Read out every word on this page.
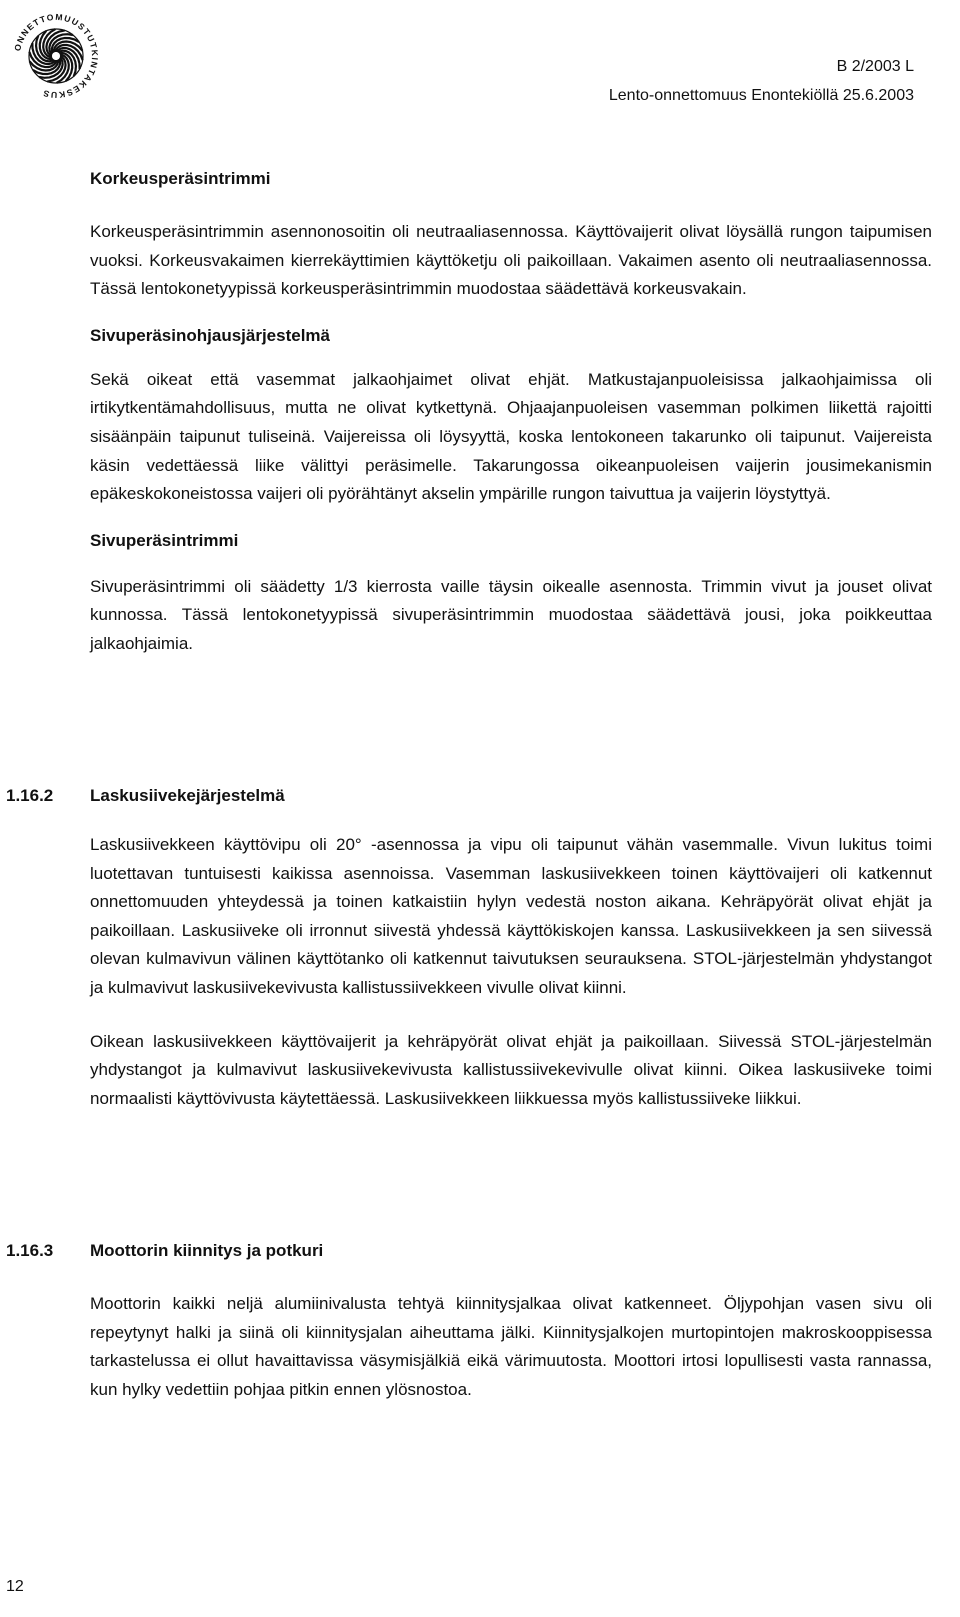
ONNETTOMUUSTUTKINTAKESKUS
B 2/2003 L
Lento-onnettomuus Enontekiöllä 25.6.2003
Korkeusperäsintrimmi

Korkeusperäsintrimmin asennonosoitin oli neutraaliasennossa. Käyttövaijerit olivat löysällä rungon taipumisen vuoksi. Korkeusvakaimen kierrekäyttimien käyttöketju oli paikoillaan. Vakaimen asento oli neutraaliasennossa. Tässä lentokonetyypissä korkeusperäsintrimmin muodostaa säädettävä korkeusvakain.

Sivuperäsinohjausjärjestelmä

Sekä oikeat että vasemmat jalkaohjaimet olivat ehjät. Matkustajanpuoleisissa jalkaohjaimissa oli irtikytkentämahdollisuus, mutta ne olivat kytkettynä. Ohjaajanpuoleisen vasemman polkimen liikettä rajoitti sisäänpäin taipunut tuliseinä. Vaijereissa oli löysyyttä, koska lentokoneen takarunko oli taipunut. Vaijereista käsin vedettäessä liike välittyi peräsimelle. Takarungossa oikeanpuoleisen vaijerin jousimekanismin epäkeskokoneistossa vaijeri oli pyörähtänyt akselin ympärille rungon taivuttua ja vaijerin löystyttyä.

Sivuperäsintrimmi

Sivuperäsintrimmi oli säädetty 1/3 kierrosta vaille täysin oikealle asennosta. Trimmin vivut ja jouset olivat kunnossa. Tässä lentokonetyypissä sivuperäsintrimmin muodostaa säädettävä jousi, joka poikkeuttaa jalkaohjaimia.

1.16.2 Laskusiivekejärjestelmä

Laskusiivekkeen käyttövipu oli 20° -asennossa ja vipu oli taipunut vähän vasemmalle. Vivun lukitus toimi luotettavan tuntuisesti kaikissa asennoissa. Vasemman laskusiivekkeen toinen käyttövaijeri oli katkennut onnettomuuden yhteydessä ja toinen katkaistiin hylyn vedestä noston aikana. Kehräpyörät olivat ehjät ja paikoillaan. Laskusiiveke oli irronnut siivestä yhdessä käyttökiskojen kanssa. Laskusiivekkeen ja sen siivessä olevan kulmavivun välinen käyttötanko oli katkennut taivutuksen seurauksena. STOL-järjestelmän yhdystangot ja kulmavivut laskusiivekevivusta kallistussiivekkeen vivulle olivat kiinni.

Oikean laskusiivekkeen käyttövaijerit ja kehräpyörät olivat ehjät ja paikoillaan. Siivessä STOL-järjestelmän yhdystangot ja kulmavivut laskusiivekevivusta kallistussiivekevivulle olivat kiinni. Oikea laskusiiveke toimi normaalisti käyttövivusta käytettäessä. Laskusiivekkeen liikkuessa myös kallistussiiveke liikkui.

1.16.3 Moottorin kiinnitys ja potkuri

Moottorin kaikki neljä alumiinivalusta tehtyä kiinnitysjalkaa olivat katkenneet. Öljypohjan vasen sivu oli repeytynyt halki ja siinä oli kiinnitysjalan aiheuttama jälki. Kiinnitysjalkojen murtopintojen makroskooppisessa tarkastelussa ei ollut havaittavissa väsymisjälkiä eikä värimuutosta. Moottori irtosi lopullisesti vasta rannassa, kun hylky vedettiin pohjaa pitkin ennen ylösnostoa.

12
